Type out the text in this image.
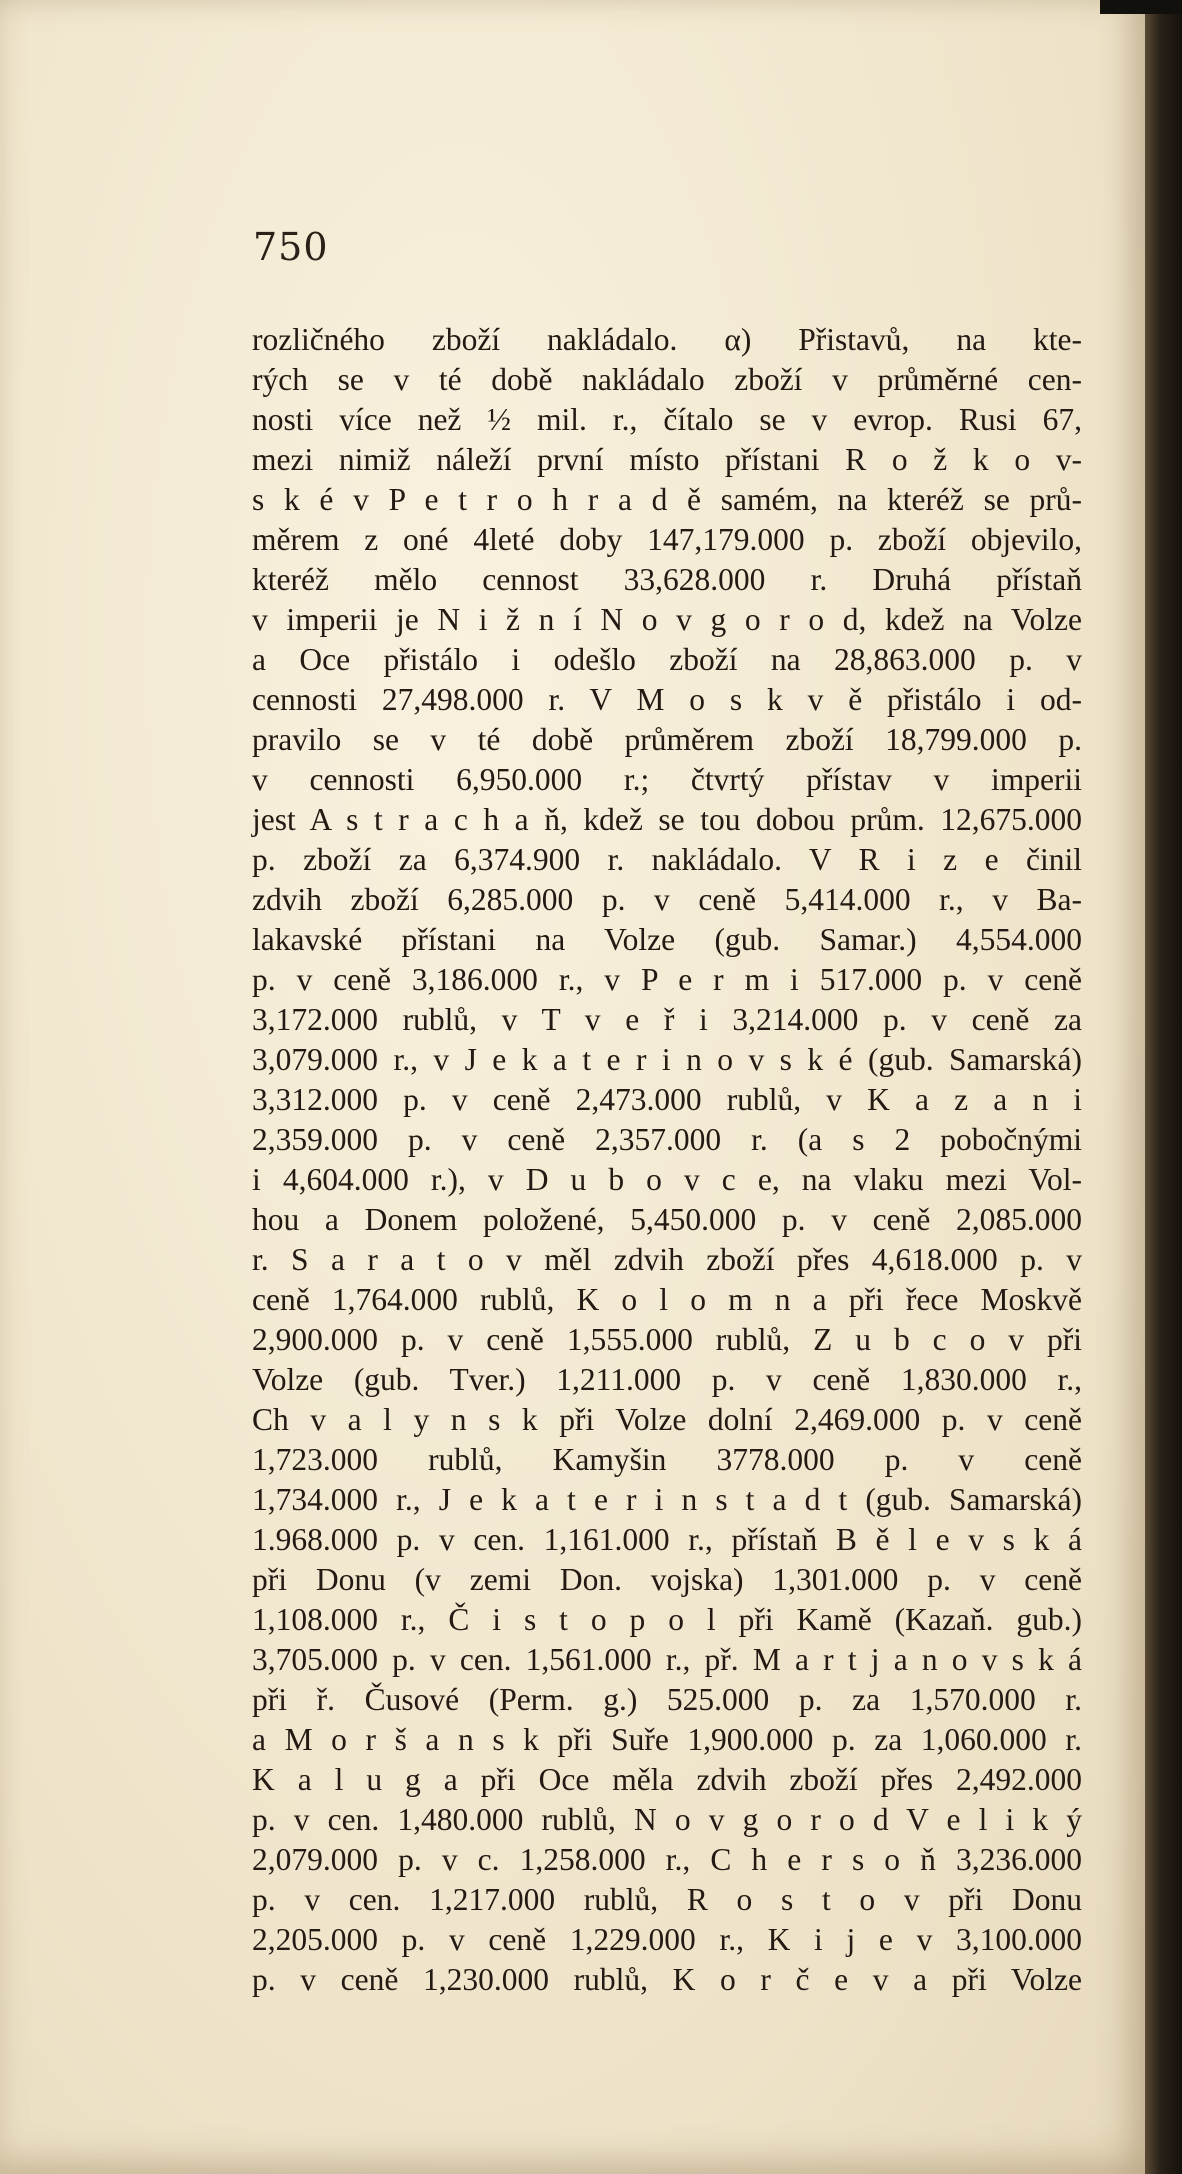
750
rozličného zboží nakládalo. α) Přistavů, na kte-
rých se v té době nakládalo zboží v průměrné cen-
nosti více než ½ mil. r., čítalo se v evrop. Rusi 67,
mezi nimiž náleží první místo přístani R o ž k o v-
s k é v P e t r o h r a d ě samém, na kteréž se prů-
měrem z oné 4leté doby 147,179.000 p. zboží objevilo,
kteréž mělo cennost 33,628.000 r. Druhá přístaň
v imperii je N i ž n í N o v g o r o d, kdež na Volze
a Oce přistálo i odešlo zboží na 28,863.000 p. v
cennosti 27,498.000 r. V M o s k v ě přistálo i od-
pravilo se v té době průměrem zboží 18,799.000 p.
v cennosti 6,950.000 r.; čtvrtý přístav v imperii
jest A s t r a c h a ň, kdež se tou dobou prům. 12,675.000
p. zboží za 6,374.900 r. nakládalo. V R i z e činil
zdvih zboží 6,285.000 p. v ceně 5,414.000 r., v Ba-
lakavské přístani na Volze (gub. Samar.) 4,554.000
p. v ceně 3,186.000 r., v P e r m i 517.000 p. v ceně
3,172.000 rublů, v T v e ř i 3,214.000 p. v ceně za
3,079.000 r., v J e k a t e r i n o v s k é (gub. Samarská)
3,312.000 p. v ceně 2,473.000 rublů, v K a z a n i
2,359.000 p. v ceně 2,357.000 r. (a s 2 pobočnými
i 4,604.000 r.), v D u b o v c e, na vlaku mezi Vol-
hou a Donem položené, 5,450.000 p. v ceně 2,085.000
r. S a r a t o v měl zdvih zboží přes 4,618.000 p. v
ceně 1,764.000 rublů, K o l o m n a při řece Moskvě
2,900.000 p. v ceně 1,555.000 rublů, Z u b c o v při
Volze (gub. Tver.) 1,211.000 p. v ceně 1,830.000 r.,
Ch v a l y n s k při Volze dolní 2,469.000 p. v ceně
1,723.000 rublů, Kamyšin 3778.000 p. v ceně
1,734.000 r., J e k a t e r i n s t a d t (gub. Samarská)
1.968.000 p. v cen. 1,161.000 r., přístaň B ě l e v s k á
při Donu (v zemi Don. vojska) 1,301.000 p. v ceně
1,108.000 r., Č i s t o p o l při Kamě (Kazaň. gub.)
3,705.000 p. v cen. 1,561.000 r., př. M a r t j a n o v s k á
při ř. Čusové (Perm. g.) 525.000 p. za 1,570.000 r.
a M o r š a n s k při Suře 1,900.000 p. za 1,060.000 r.
K a l u g a při Oce měla zdvih zboží přes 2,492.000
p. v cen. 1,480.000 rublů, N o v g o r o d V e l i k ý
2,079.000 p. v c. 1,258.000 r., C h e r s o ň 3,236.000
p. v cen. 1,217.000 rublů, R o s t o v při Donu
2,205.000 p. v ceně 1,229.000 r., K i j e v 3,100.000
p. v ceně 1,230.000 rublů, K o r č e v a při Volze
